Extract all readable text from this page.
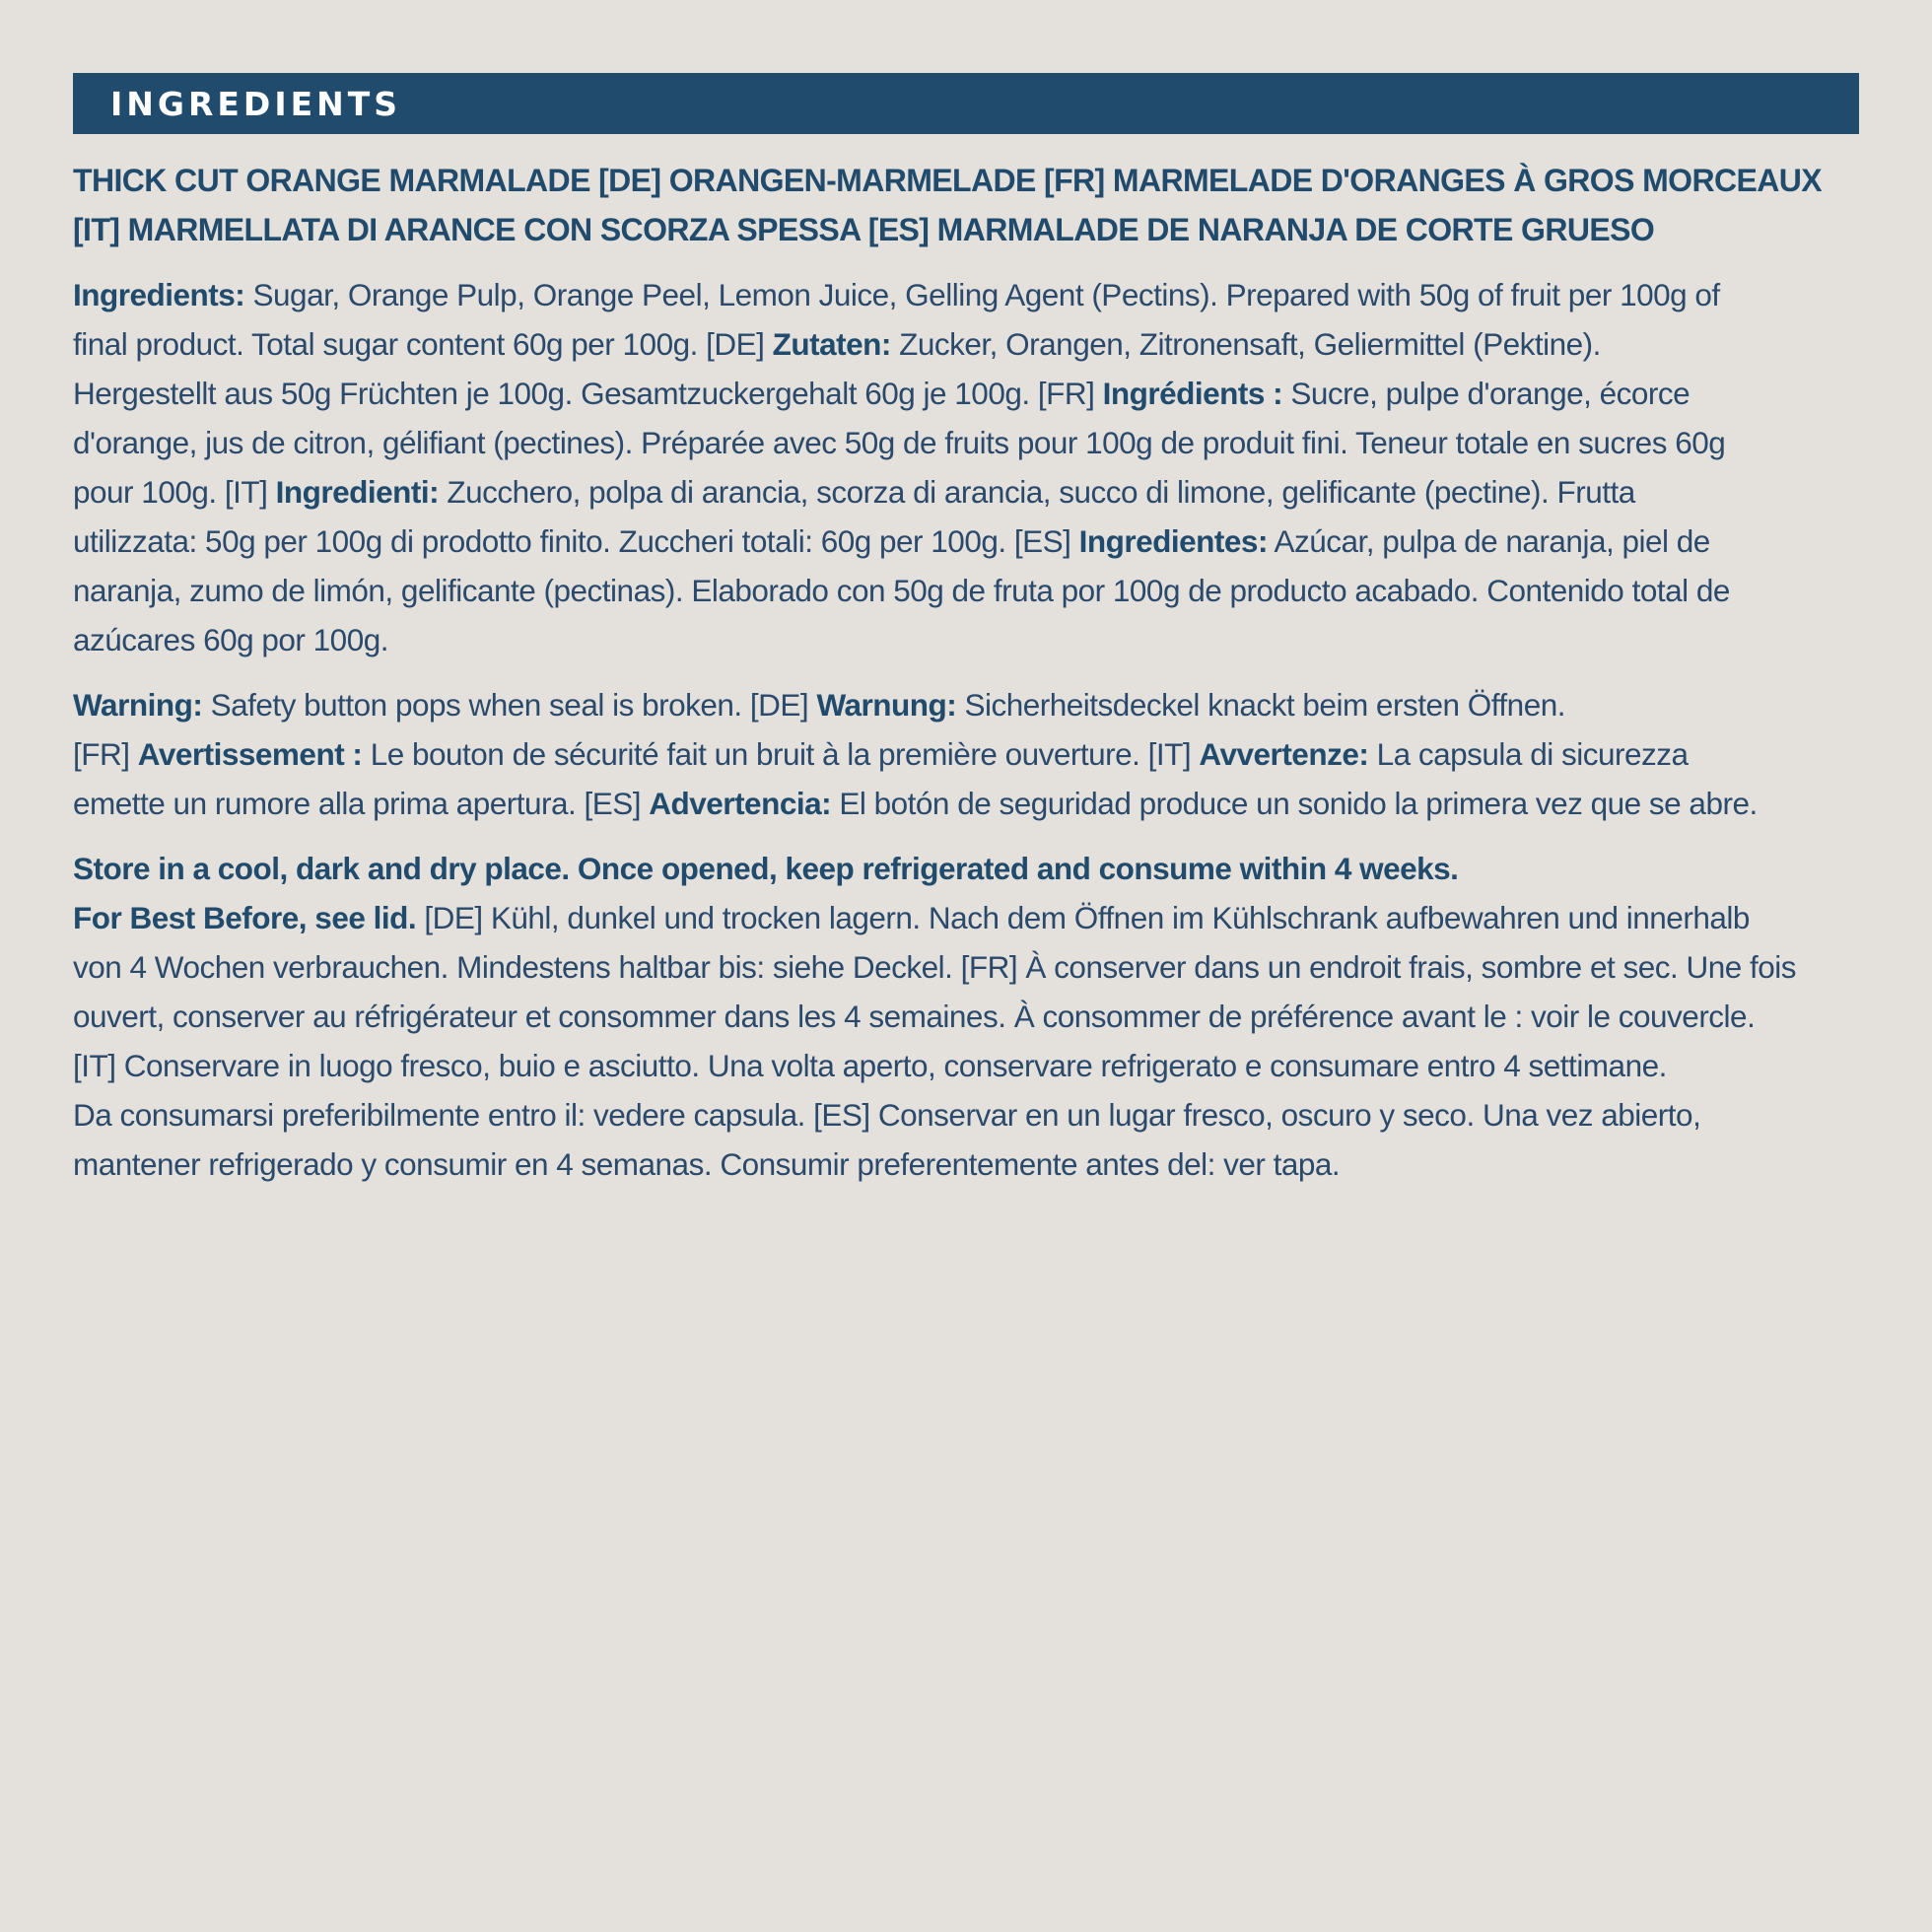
INGREDIENTS
THICK CUT ORANGE MARMALADE [DE] ORANGEN-MARMELADE [FR] MARMELADE D'ORANGES À GROS MORCEAUX
[IT] MARMELLATA DI ARANCE CON SCORZA SPESSA [ES] MARMALADE DE NARANJA DE CORTE GRUESO
Ingredients: Sugar, Orange Pulp, Orange Peel, Lemon Juice, Gelling Agent (Pectins). Prepared with 50g of fruit per 100g of
final product. Total sugar content 60g per 100g. [DE] Zutaten: Zucker, Orangen, Zitronensaft, Geliermittel (Pektine).
Hergestellt aus 50g Früchten je 100g. Gesamtzuckergehalt 60g je 100g. [FR] Ingrédients : Sucre, pulpe d'orange, écorce
d'orange, jus de citron, gélifiant (pectines). Préparée avec 50g de fruits pour 100g de produit fini. Teneur totale en sucres 60g
pour 100g. [IT] Ingredienti: Zucchero, polpa di arancia, scorza di arancia, succo di limone, gelificante (pectine). Frutta
utilizzata: 50g per 100g di prodotto finito. Zuccheri totali: 60g per 100g. [ES] Ingredientes: Azúcar, pulpa de naranja, piel de
naranja, zumo de limón, gelificante (pectinas). Elaborado con 50g de fruta por 100g de producto acabado. Contenido total de
azúcares 60g por 100g.
Warning: Safety button pops when seal is broken. [DE] Warnung: Sicherheitsdeckel knackt beim ersten Öffnen.
[FR] Avertissement : Le bouton de sécurité fait un bruit à la première ouverture. [IT] Avvertenze: La capsula di sicurezza
emette un rumore alla prima apertura. [ES] Advertencia: El botón de seguridad produce un sonido la primera vez que se abre.
Store in a cool, dark and dry place. Once opened, keep refrigerated and consume within 4 weeks.
For Best Before, see lid. [DE] Kühl, dunkel und trocken lagern. Nach dem Öffnen im Kühlschrank aufbewahren und innerhalb
von 4 Wochen verbrauchen. Mindestens haltbar bis: siehe Deckel. [FR] À conserver dans un endroit frais, sombre et sec. Une fois
ouvert, conserver au réfrigérateur et consommer dans les 4 semaines. À consommer de préférence avant le : voir le couvercle.
[IT] Conservare in luogo fresco, buio e asciutto. Una volta aperto, conservare refrigerato e consumare entro 4 settimane.
Da consumarsi preferibilmente entro il: vedere capsula. [ES] Conservar en un lugar fresco, oscuro y seco. Una vez abierto,
mantener refrigerado y consumir en 4 semanas. Consumir preferentemente antes del: ver tapa.
